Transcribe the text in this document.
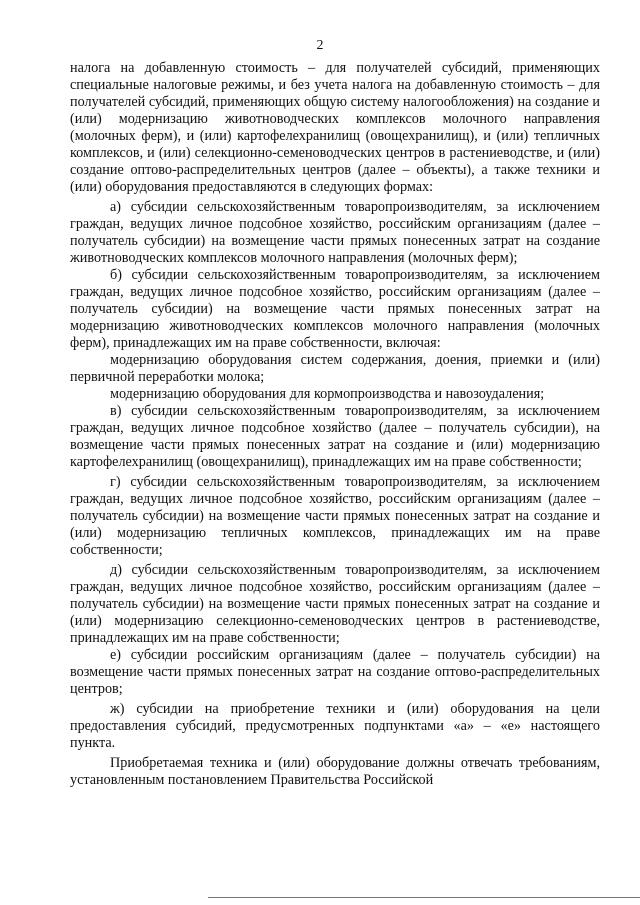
2

налога на добавленную стоимость – для получателей субсидий, применяющих специальные налоговые режимы, и без учета налога на добавленную стоимость – для получателей субсидий, применяющих общую систему налогообложения) на создание и (или) модернизацию животноводческих комплексов молочного направления (молочных ферм), и (или) картофелехранилищ (овощехранилищ), и (или) тепличных комплексов, и (или) селекционно-семеноводческих центров в растениеводстве, и (или) создание оптово-распределительных центров (далее – объекты), а также техники и (или) оборудования предоставляются в следующих формах:

а) субсидии сельскохозяйственным товаропроизводителям, за исключением граждан, ведущих личное подсобное хозяйство, российским организациям (далее – получатель субсидии) на возмещение части прямых понесенных затрат на создание животноводческих комплексов молочного направления (молочных ферм);

б) субсидии сельскохозяйственным товаропроизводителям, за исключением граждан, ведущих личное подсобное хозяйство, российским организациям (далее – получатель субсидии) на возмещение части прямых понесенных затрат на модернизацию животноводческих комплексов молочного направления (молочных ферм), принадлежащих им на праве собственности, включая:

модернизацию оборудования систем содержания, доения, приемки и (или) первичной переработки молока;

модернизацию оборудования для кормопроизводства и навозоудаления;

в) субсидии сельскохозяйственным товаропроизводителям, за исключением граждан, ведущих личное подсобное хозяйство (далее – получатель субсидии), на возмещение части прямых понесенных затрат на создание и (или) модернизацию картофелехранилищ (овощехранилищ), принадлежащих им на праве собственности;

г) субсидии сельскохозяйственным товаропроизводителям, за исключением граждан, ведущих личное подсобное хозяйство, российским организациям (далее – получатель субсидии) на возмещение части прямых понесенных затрат на создание и (или) модернизацию тепличных комплексов, принадлежащих им на праве собственности;

д) субсидии сельскохозяйственным товаропроизводителям, за исключением граждан, ведущих личное подсобное хозяйство, российским организациям (далее – получатель субсидии) на возмещение части прямых понесенных затрат на создание и (или) модернизацию селекционно-семеноводческих центров в растениеводстве, принадлежащих им на праве собственности;

е) субсидии российским организациям (далее – получатель субсидии) на возмещение части прямых понесенных затрат на создание оптово-распределительных центров;

ж) субсидии на приобретение техники и (или) оборудования на цели предоставления субсидий, предусмотренных подпунктами «а» – «е» настоящего пункта.

Приобретаемая техника и (или) оборудование должны отвечать требованиям, установленным постановлением Правительства Российской
